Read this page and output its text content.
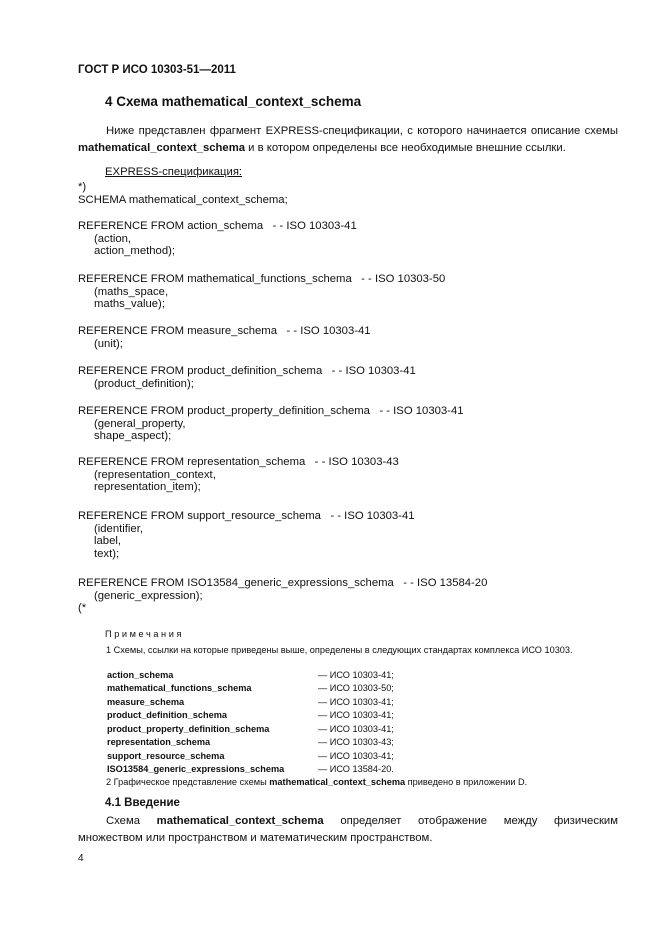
ГОСТ Р ИСО 10303-51—2011
4 Схема mathematical_context_schema

Ниже представлен фрагмент EXPRESS-спецификации, с которого начинается описание схемы mathematical_context_schema и в котором определены все необходимые внешние ссылки.

EXPRESS-спецификация:
*)
SCHEMA mathematical_context_schema;
REFERENCE FROM action_schema   - - ISO 10303-41
(action,
action_method);
REFERENCE FROM mathematical_functions_schema   - - ISO 10303-50
(maths_space,
maths_value);
REFERENCE FROM measure_schema   - - ISO 10303-41
(unit);
REFERENCE FROM product_definition_schema   - - ISO 10303-41
(product_definition);
REFERENCE FROM product_property_definition_schema   - - ISO 10303-41
(general_property,
shape_aspect);
REFERENCE FROM representation_schema   - - ISO 10303-43
(representation_context,
representation_item);
REFERENCE FROM support_resource_schema   - - ISO 10303-41
(identifier,
label,
text);
REFERENCE FROM ISO13584_generic_expressions_schema   - - ISO 13584-20
(generic_expression);
(*
Примечания

1 Схемы, ссылки на которые приведены выше, определены в следующих стандартах комплекса ИСО 10303.

action_schema	— ИСО 10303-41;
mathematical_functions_schema	— ИСО 10303-50;
measure_schema	— ИСО 10303-41;
product_definition_schema	— ИСО 10303-41;
product_property_definition_schema	— ИСО 10303-41;
representation_schema	— ИСО 10303-43;
support_resource_schema	— ИСО 10303-41;
ISO13584_generic_expressions_schema	— ИСО 13584-20.
2 Графическое представление схемы mathematical_context_schema приведено в приложении D.
4.1 Введение

Схема mathematical_context_schema определяет отображение между физическим множеством или пространством и математическим пространством.

4
